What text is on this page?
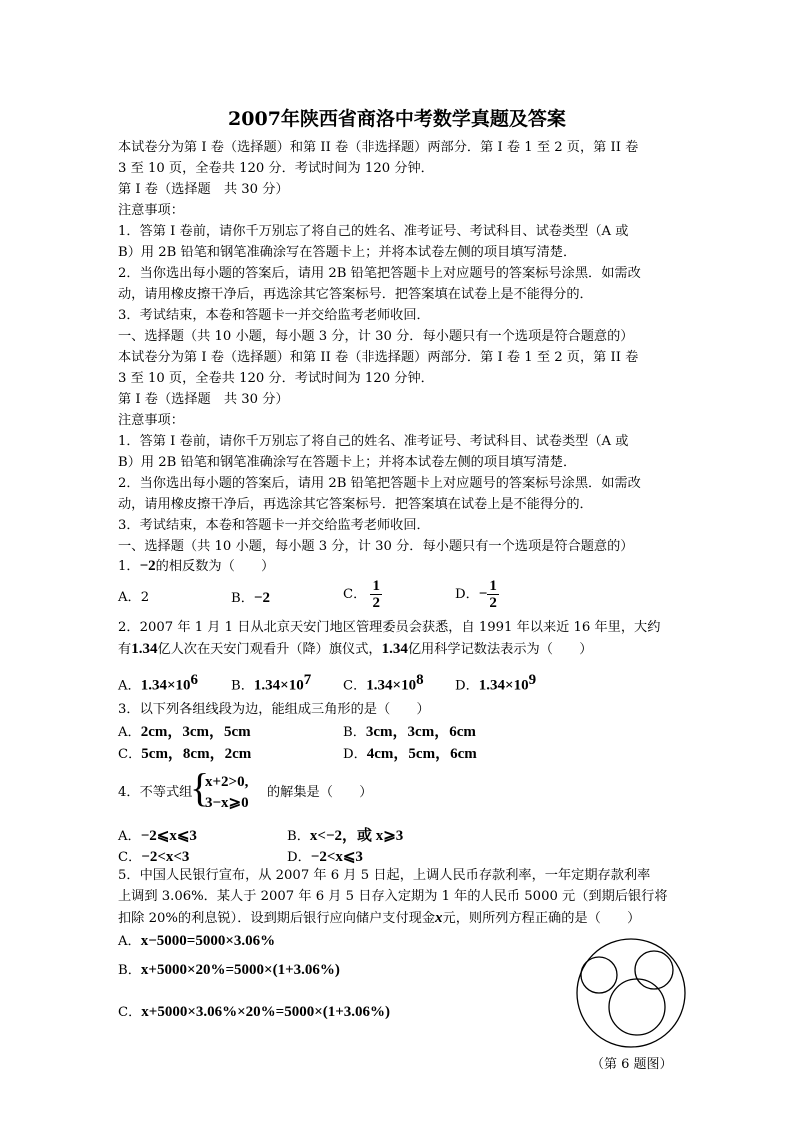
2007年陕西省商洛中考数学真题及答案
本试卷分为第 I 卷（选择题）和第 II 卷（非选择题）两部分．第 I 卷 1 至 2 页，第 II 卷
3 至 10 页，全卷共 120 分．考试时间为 120 分钟．
第 I 卷（选择题　共 30 分）
注意事项：
1．答第 I 卷前，请你千万别忘了将自己的姓名、准考证号、考试科目、试卷类型（A 或
B）用 2B 铅笔和钢笔准确涂写在答题卡上；并将本试卷左侧的项目填写清楚．
2．当你选出每小题的答案后，请用 2B 铅笔把答题卡上对应题号的答案标号涂黑．如需改
动，请用橡皮擦干净后，再选涂其它答案标号．把答案填在试卷上是不能得分的．
3．考试结束，本卷和答题卡一并交给监考老师收回．
一、选择题（共 10 小题，每小题 3 分，计 30 分．每小题只有一个选项是符合题意的）
本试卷分为第 I 卷（选择题）和第 II 卷（非选择题）两部分．第 I 卷 1 至 2 页，第 II 卷
3 至 10 页，全卷共 120 分．考试时间为 120 分钟．
第 I 卷（选择题　共 30 分）
注意事项：
1．答第 I 卷前，请你千万别忘了将自己的姓名、准考证号、考试科目、试卷类型（A 或
B）用 2B 铅笔和钢笔准确涂写在答题卡上；并将本试卷左侧的项目填写清楚．
2．当你选出每小题的答案后，请用 2B 铅笔把答题卡上对应题号的答案标号涂黑．如需改
动，请用橡皮擦干净后，再选涂其它答案标号．把答案填在试卷上是不能得分的．
3．考试结束，本卷和答题卡一并交给监考老师收回．
一、选择题（共 10 小题，每小题 3 分，计 30 分．每小题只有一个选项是符合题意的）
1．−2的相反数为（　　）
A．2	B．−2	C． $\frac{1}{2}$	D．− $\frac{1}{2}$
2．2007 年 1 月 1 日从北京天安门地区管理委员会获悉，自 1991 年以来近 16 年里，大约
有1.34亿人次在天安门观看升（降）旗仪式，1.34亿用科学记数法表示为（　　）
A．$1.34\times 10^6$ B．$1.34\times 10^7$ C．$1.34\times 10^8$ D．$1.34\times 10^9$
3．以下列各组线段为边，能组成三角形的是（　　）
A．2cm，3cm，5cm	B．3cm，3cm，6cm
C．5cm，8cm，2cm	D．4cm，5cm，6cm
4．不等式组
{
x+2>0,
3−x⩾0
的解集是（　　）
A．−2⩽x⩽3	B．x<−2，或 x⩾3
C．−2<x<3	D．−2<x⩽3
5．中国人民银行宣布，从 2007 年 6 月 5 日起，上调人民币存款利率，一年定期存款利率
上调到 3.06%．某人于 2007 年 6 月 5 日存入定期为 1 年的人民币 5000 元（到期后银行将
扣除 20%的利息锐）．设到期后银行应向储户支付现金x元，则所列方程正确的是（　　）
A．x−5000=5000×3.06%
B．x+5000×20%=5000×(1+3.06%)
C．x+5000×3.06%×20%=5000×(1+3.06%)
（第 6 题图）
